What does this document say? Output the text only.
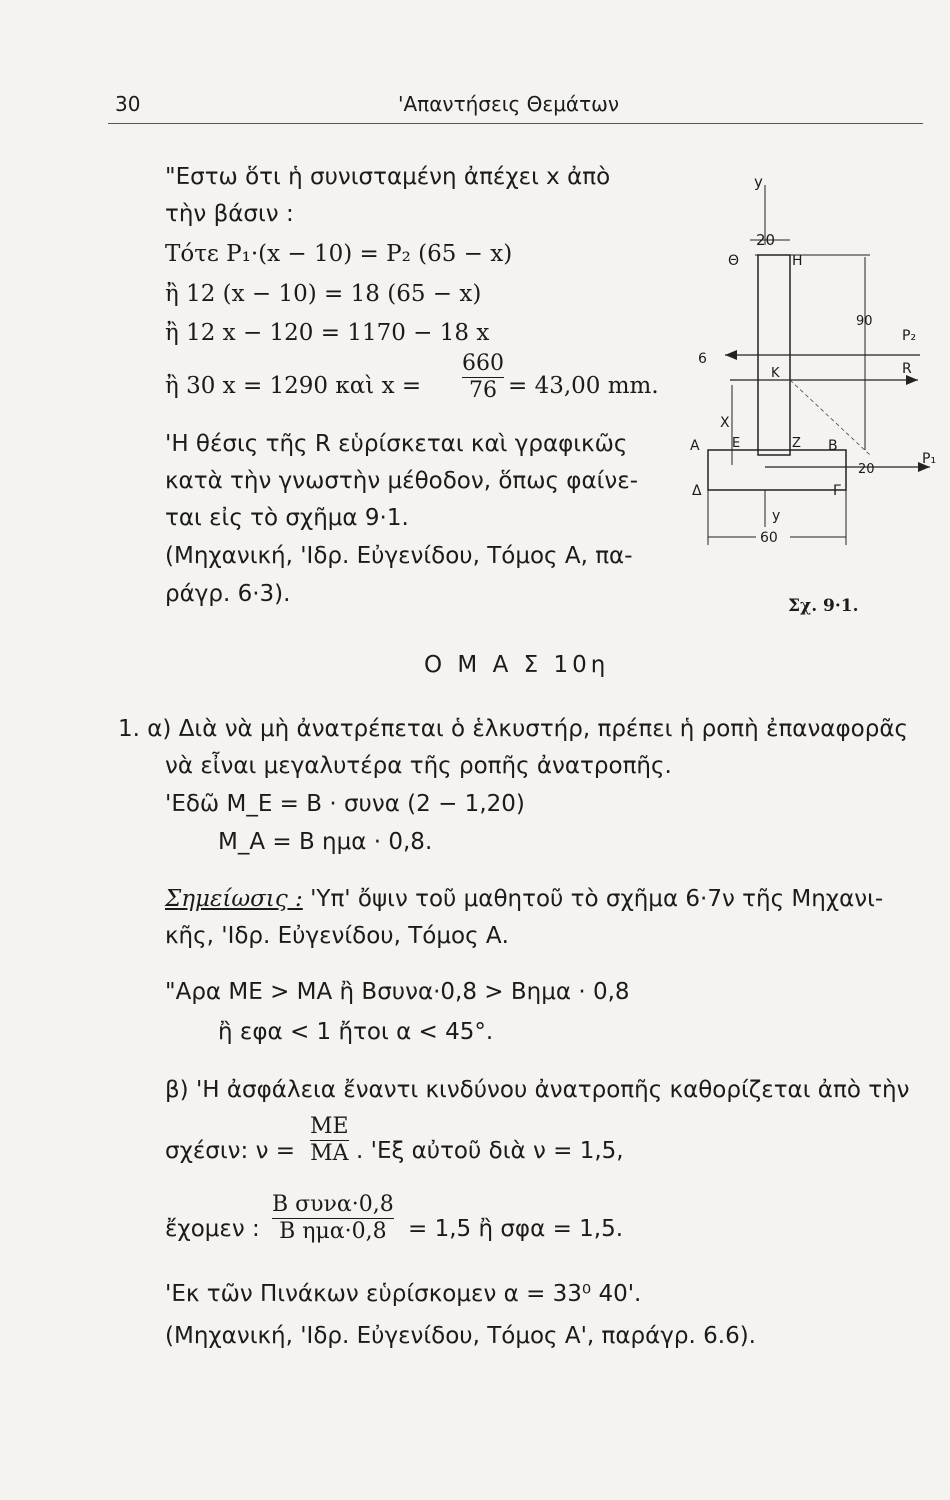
30	'Απαντήσεις Θεμάτων
"Εστω ὅτι ἡ συνισταμένη ἀπέχει x ἀπὸ
τὴν βάσιν :
Τότε P₁·(x − 10) = P₂ (65 − x)
ἢ 12 (x − 10) = 18 (65 − x)
ἢ 12 x − 120 = 1170 − 18 x
ἢ 30 x = 1290 καὶ x =
660
76 = 43,00 mm.
'Η θέσις τῆς R εὑρίσκεται καὶ γραφικῶς
κατὰ τὴν γνωστὴν μέθοδον, ὅπως φαίνε-
ται εἰς τὸ σχῆμα 9·1.
(Μηχανική, 'Ιδρ. Εὐγενίδου, Τόμος Α, πα-
ράγρ. 6·3).
y
20
Θ	H
90
P₂
R
6
K
X
A E	Z B
20
P₁
Δ	Γ
y
60
Σχ. 9·1.
Ο Μ Α Σ 10η
1. α) Διὰ νὰ μὴ ἀνατρέπεται ὁ ἑλκυστήρ, πρέπει ἡ ροπὴ ἐπαναφορᾶς
νὰ εἶναι μεγαλυτέρα τῆς ροπῆς ἀνατροπῆς.
'Εδῶ M_E = B · συνα (2 − 1,20)
M_A = B ημα · 0,8.
Σημείωσις : 'Υπ' ὄψιν τοῦ μαθητοῦ τὸ σχῆμα 6·7ν τῆς Μηχανι-
κῆς, 'Ιδρ. Εὐγενίδου, Τόμος Α.
"Αρα ΜΕ > ΜΑ ἢ Βσυνα·0,8 > Βημα · 0,8
ἢ εφα < 1 ἤτοι α < 45°.
β) 'Η ἀσφάλεια ἔναντι κινδύνου ἀνατροπῆς καθορίζεται ἀπὸ τὴν
σχέσιν: ν =
ΜΕ
ΜΑ . 'Εξ αὐτοῦ διὰ ν = 1,5,
ἔχομεν :
B συνα·0,8
B ημα·0,8 = 1,5 ἢ σφα = 1,5.
'Εκ τῶν Πινάκων εὑρίσκομεν α = 33⁰ 40'.
(Μηχανική, 'Ιδρ. Εὐγενίδου, Τόμος Α', παράγρ. 6.6).
